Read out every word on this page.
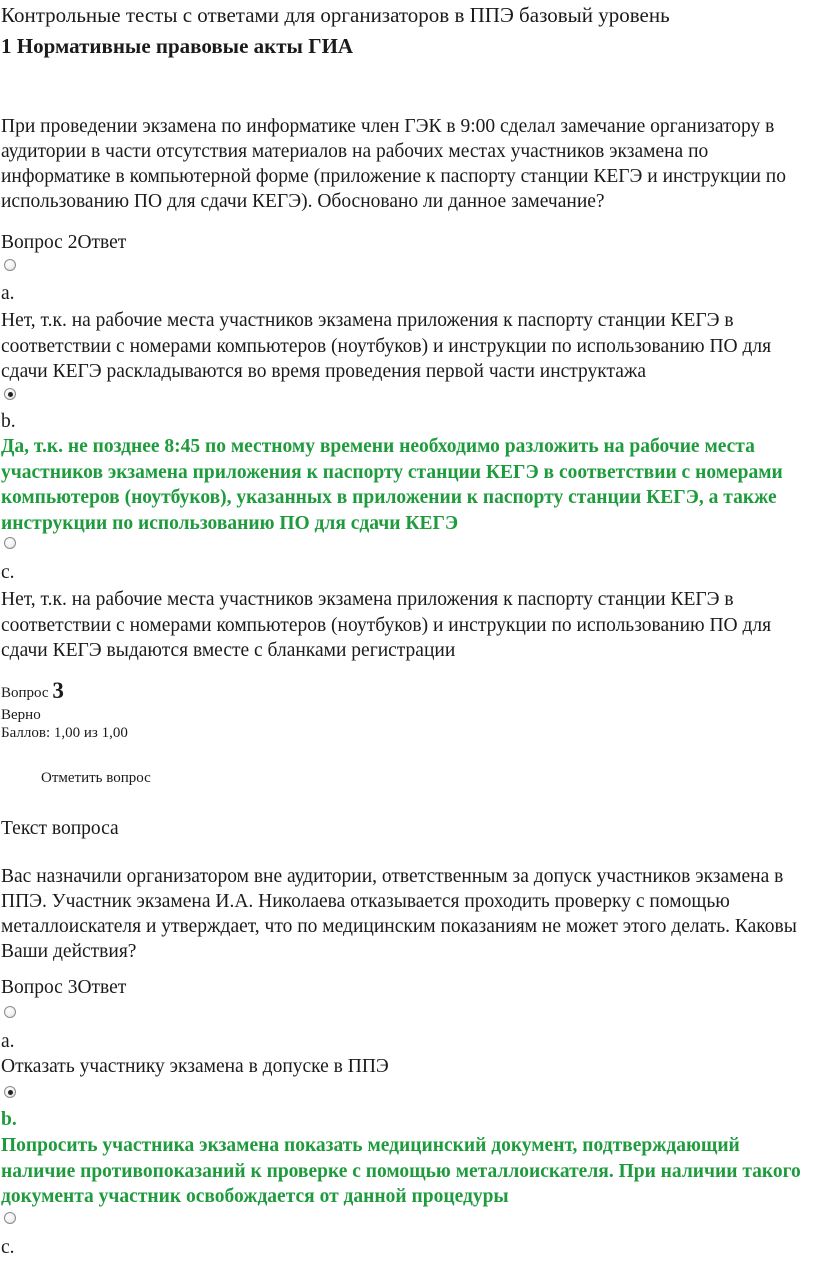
Контрольные тесты с ответами для организаторов в ППЭ базовый уровень

1 Нормативные правовые акты ГИА

При проведении экзамена по информатике член ГЭК в 9:00 сделал замечание организатору в аудитории в части отсутствия материалов на рабочих местах участников экзамена по информатике в компьютерной форме (приложение к паспорту станции КЕГЭ и инструкции по использованию ПО для сдачи КЕГЭ). Обосновано ли данное замечание?

Вопрос 2Ответ

a.

Нет, т.к. на рабочие места участников экзамена приложения к паспорту станции КЕГЭ в соответствии с номерами компьютеров (ноутбуков) и инструкции по использованию ПО для сдачи КЕГЭ раскладываются во время проведения первой части инструктажа

b.

Да, т.к. не позднее 8:45 по местному времени необходимо разложить на рабочие места участников экзамена приложения к паспорту станции КЕГЭ в соответствии с номерами компьютеров (ноутбуков), указанных в приложении к паспорту станции КЕГЭ, а также инструкции по использованию ПО для сдачи КЕГЭ

c.

Нет, т.к. на рабочие места участников экзамена приложения к паспорту станции КЕГЭ в соответствии с номерами компьютеров (ноутбуков) и инструкции по использованию ПО для сдачи КЕГЭ выдаются вместе с бланками регистрации

Вопрос 3

Верно

Баллов: 1,00 из 1,00

Отметить вопрос

Текст вопроса

Вас назначили организатором вне аудитории, ответственным за допуск участников экзамена в ППЭ. Участник экзамена И.А. Николаева отказывается проходить проверку с помощью металлоискателя и утверждает, что по медицинским показаниям не может этого делать. Каковы Ваши действия?

Вопрос 3Ответ

a.

Отказать участнику экзамена в допуске в ППЭ

b.

Попросить участника экзамена показать медицинский документ, подтверждающий наличие противопоказаний к проверке с помощью металлоискателя. При наличии такого документа участник освобождается от данной процедуры

c.
